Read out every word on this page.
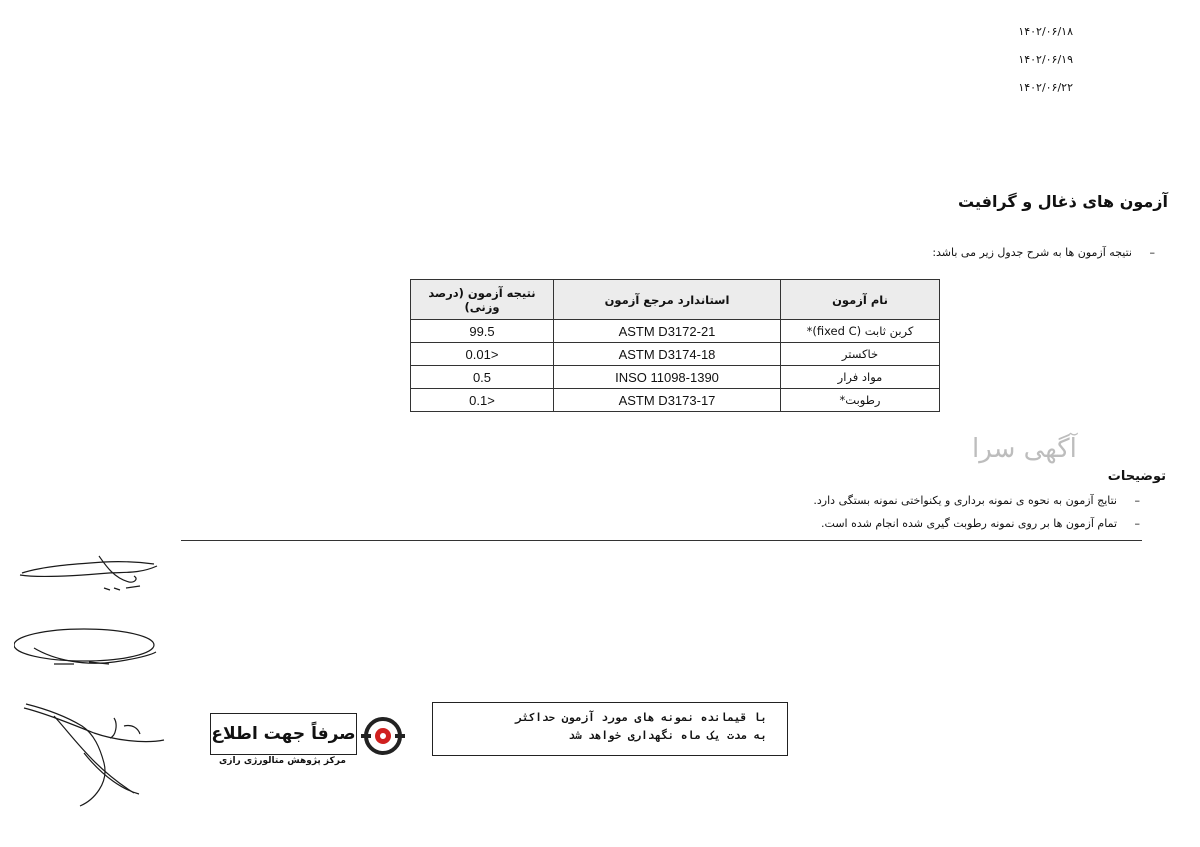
۱۴۰۲/۰۶/۱۸
۱۴۰۲/۰۶/۱۹
۱۴۰۲/۰۶/۲۲
آزمون های ذغال و گرافیت
– نتیجه آزمون ها به شرح جدول زیر می باشد:
نام آزمون	استاندارد مرجع آزمون	نتیجه آزمون (درصد وزنی)
کربن ثابت (fixed C)*	ASTM D3172-21	99.5
خاکستر	ASTM D3174-18	<0.01
مواد فرار	INSO 11098-1390	0.5
رطوبت*	ASTM D3173-17	<0.1
آگهی سرا
توضیحات
– نتایج آزمون به نحوه ی نمونه برداری و یکنواختی نمونه بستگی دارد.
– تمام آزمون ها بر روی نمونه رطوبت گیری شده انجام شده است.
صرفاً جهت اطلاع
مرکز پژوهش متالورژی رازی
با قیمانده نمونه های مورد آزمون حداکثر
به مدت یک ماه نگهداری خواهد شد
